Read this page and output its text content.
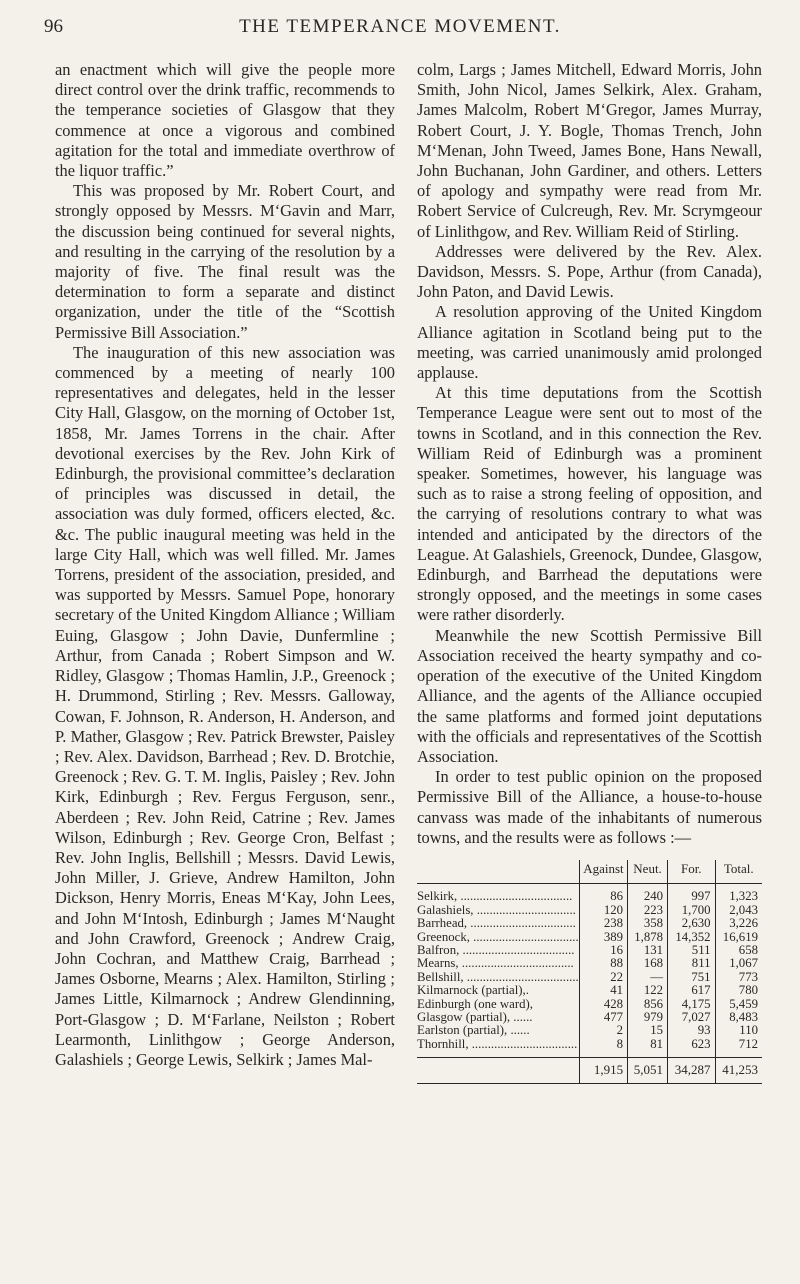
96	THE TEMPERANCE MOVEMENT.

an enactment which will give the people more direct control over the drink traffic, recommends to the temperance societies of Glasgow that they commence at once a vigorous and combined agitation for the total and immediate overthrow of the liquor traffic.”

This was proposed by Mr. Robert Court, and strongly opposed by Messrs. M‘Gavin and Marr, the discussion being continued for several nights, and resulting in the carrying of the resolution by a majority of five. The final result was the determination to form a separate and distinct organization, under the title of the “Scottish Permissive Bill Association.”

The inauguration of this new association was commenced by a meeting of nearly 100 representatives and delegates, held in the lesser City Hall, Glasgow, on the morning of October 1st, 1858, Mr. James Torrens in the chair. After devotional exercises by the Rev. John Kirk of Edinburgh, the provisional committee’s declaration of principles was discussed in detail, the association was duly formed, officers elected, &c. &c. The public inaugural meeting was held in the large City Hall, which was well filled. Mr. James Torrens, president of the association, presided, and was supported by Messrs. Samuel Pope, honorary secretary of the United Kingdom Alliance ; William Euing, Glasgow ; John Davie, Dunfermline ; Arthur, from Canada ; Robert Simpson and W. Ridley, Glasgow ; Thomas Hamlin, J.P., Greenock ; H. Drummond, Stirling ; Rev. Messrs. Galloway, Cowan, F. Johnson, R. Anderson, H. Anderson, and P. Mather, Glasgow ; Rev. Patrick Brewster, Paisley ; Rev. Alex. Davidson, Barrhead ; Rev. D. Brotchie, Greenock ; Rev. G. T. M. Inglis, Paisley ; Rev. John Kirk, Edinburgh ; Rev. Fergus Ferguson, senr., Aberdeen ; Rev. John Reid, Catrine ; Rev. James Wilson, Edinburgh ; Rev. George Cron, Belfast ; Rev. John Inglis, Bellshill ; Messrs. David Lewis, John Miller, J. Grieve, Andrew Hamilton, John Dickson, Henry Morris, Eneas M‘Kay, John Lees, and John M‘Intosh, Edinburgh ; James M‘Naught and John Crawford, Greenock ; Andrew Craig, John Cochran, and Matthew Craig, Barrhead ; James Osborne, Mearns ; Alex. Hamilton, Stirling ; James Little, Kilmarnock ; Andrew Glendinning, Port-Glasgow ; D. M‘Farlane, Neilston ; Robert Learmonth, Linlithgow ; George Anderson, Galashiels ; George Lewis, Selkirk ; James Mal-

colm, Largs ; James Mitchell, Edward Morris, John Smith, John Nicol, James Selkirk, Alex. Graham, James Malcolm, Robert M‘Gregor, James Murray, Robert Court, J. Y. Bogle, Thomas Trench, John M‘Menan, John Tweed, James Bone, Hans Newall, John Buchanan, John Gardiner, and others. Letters of apology and sympathy were read from Mr. Robert Service of Culcreugh, Rev. Mr. Scrymgeour of Linlithgow, and Rev. William Reid of Stirling.

Addresses were delivered by the Rev. Alex. Davidson, Messrs. S. Pope, Arthur (from Canada), John Paton, and David Lewis.

A resolution approving of the United Kingdom Alliance agitation in Scotland being put to the meeting, was carried unanimously amid prolonged applause.

At this time deputations from the Scottish Temperance League were sent out to most of the towns in Scotland, and in this connection the Rev. William Reid of Edinburgh was a prominent speaker. Sometimes, however, his language was such as to raise a strong feeling of opposition, and the carrying of resolutions contrary to what was intended and anticipated by the directors of the League. At Galashiels, Greenock, Dundee, Glasgow, Edinburgh, and Barrhead the deputations were strongly opposed, and the meetings in some cases were rather disorderly.

Meanwhile the new Scottish Permissive Bill Association received the hearty sympathy and co-operation of the executive of the United Kingdom Alliance, and the agents of the Alliance occupied the same platforms and formed joint deputations with the officials and representatives of the Scottish Association.

In order to test public opinion on the proposed Permissive Bill of the Alliance, a house-to-house canvass was made of the inhabitants of numerous towns, and the results were as follows :—

	Against	Neut.	For.	Total.
Selkirk, ...................................	86	240	997	1,323
Galashiels, ...............................	120	223	1,700	2,043
Barrhead, .................................	238	358	2,630	3,226
Greenock, .................................	389	1,878	14,352	16,619
Balfron, ...................................	16	131	511	658
Mearns, ...................................	88	168	811	1,067
Bellshill, ...................................	22	—	751	773
Kilmarnock (partial),.	41	122	617	780
Edinburgh (one ward),	428	856	4,175	5,459
Glasgow (partial), ......	477	979	7,027	8,483
Earlston (partial), ......	2	15	93	110
Thornhill, .................................	8	81	623	712
	1,915	5,051	34,287	41,253
